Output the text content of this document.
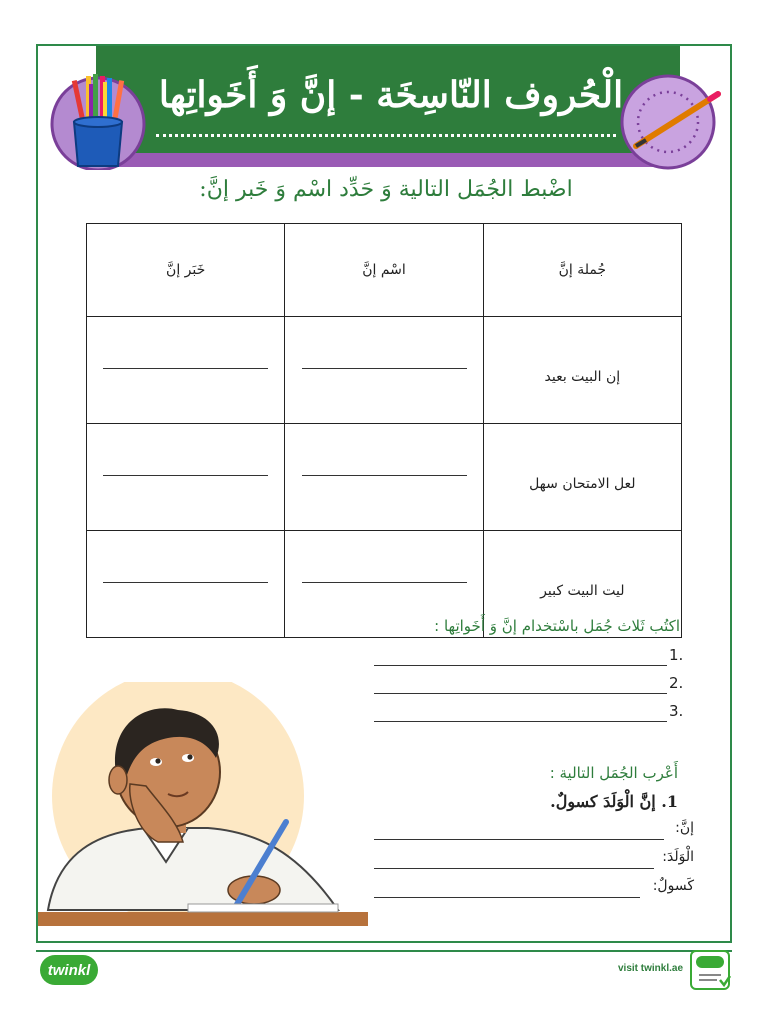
الْحُروف النّاسِخَة - إنَّ وَ أَخَواتِها
اضْبط الجُمَل التالية وَ حَدِّد اسْم وَ خَبر إنَّ:
جُملة إنَّ	اسْم إنَّ	خَبَر إنَّ
إن البيت بعيد	

لعل الامتحان سهل	

ليت البيت كبير	

اكتُب ثَلاث جُمَل باسْتخدام إنَّ وَ أَخَواتِها :
1.
2.
3.
أَعْرب الجُمَل التالية :
1. إنَّ الْوَلَدَ كسولٌ.
إنَّ:
الْوَلَدَ:
كَسولٌ:
twinkl	visit twinkl.ae
